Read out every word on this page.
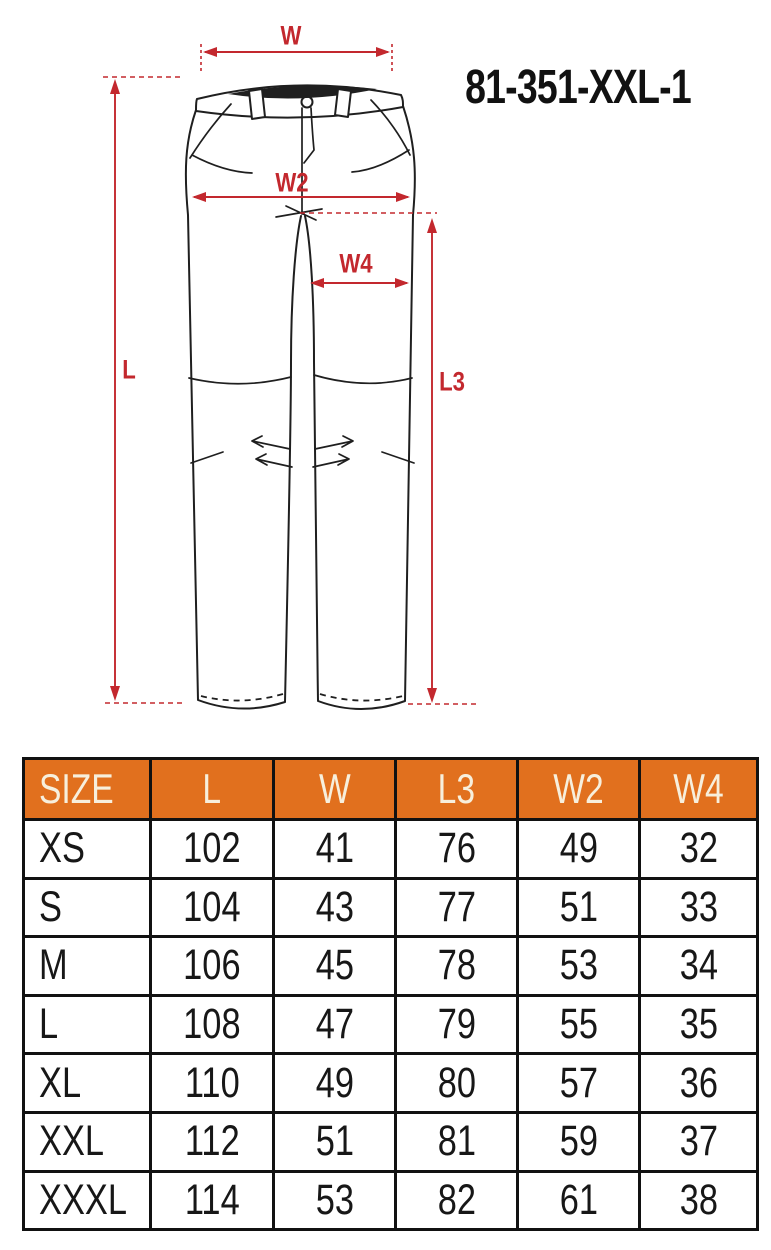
W
W2
W4
L	L3
81-351-XXL-1
SIZE	L	W	L3	W2	W4
XS	102	41	76	49	32
S	104	43	77	51	33
M	106	45	78	53	34
L	108	47	79	55	35
XL	110	49	80	57	36
XXL	112	51	81	59	37
XXXL	114	53	82	61	38
